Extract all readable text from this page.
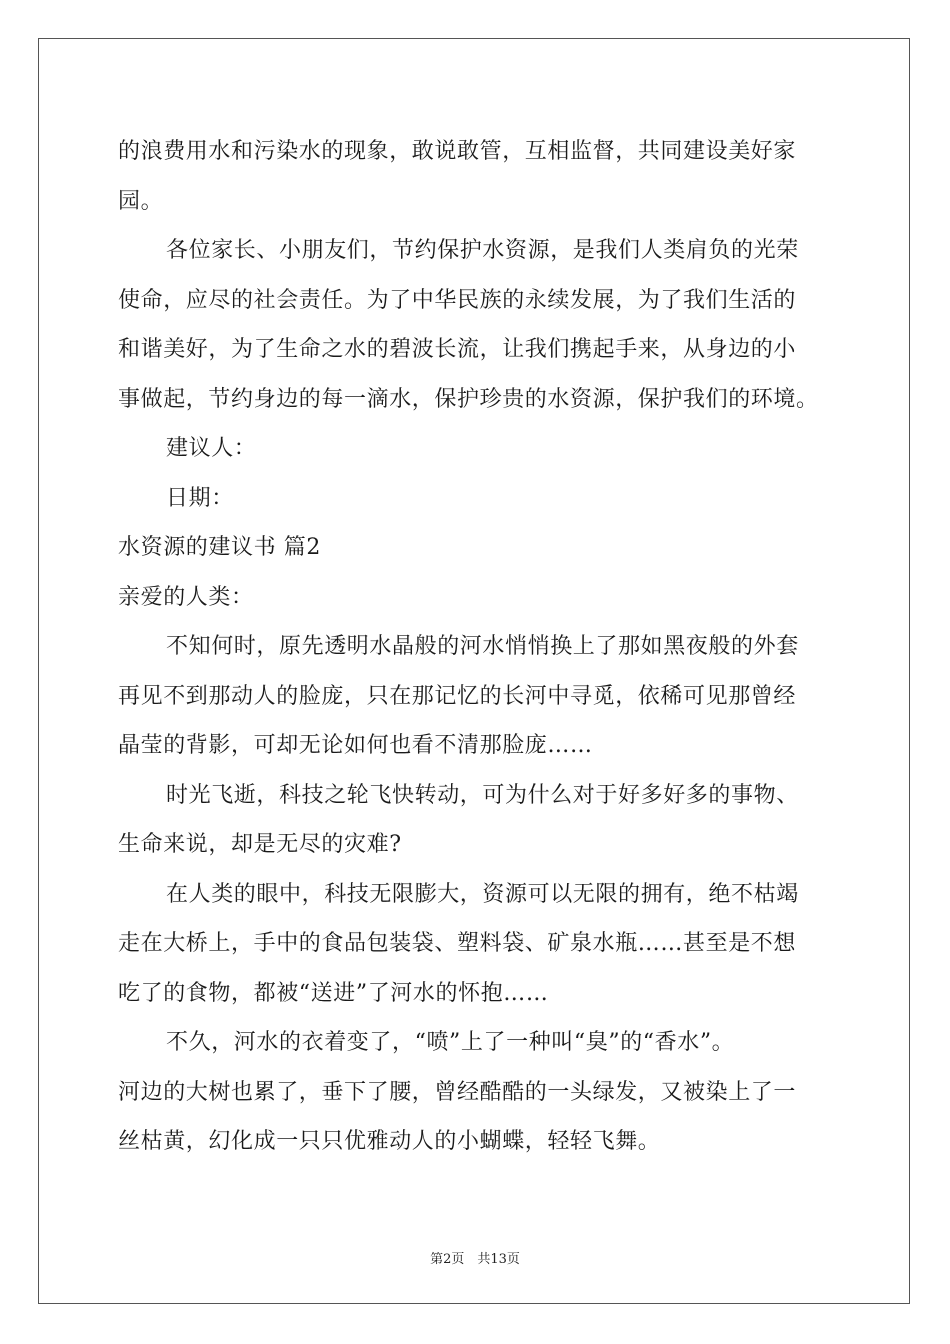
的浪费用水和污染水的现象，敢说敢管，互相监督，共同建设美好家
园。
各位家长、小朋友们，节约保护水资源，是我们人类肩负的光荣
使命，应尽的社会责任。为了中华民族的永续发展，为了我们生活的
和谐美好，为了生命之水的碧波长流，让我们携起手来，从身边的小
事做起，节约身边的每一滴水，保护珍贵的水资源，保护我们的环境。
建议人：
日期：
水资源的建议书 篇2
亲爱的人类：
不知何时，原先透明水晶般的河水悄悄换上了那如黑夜般的外套
再见不到那动人的脸庞，只在那记忆的长河中寻觅，依稀可见那曾经
晶莹的背影，可却无论如何也看不清那脸庞……
时光飞逝，科技之轮飞快转动，可为什么对于好多好多的事物、
生命来说，却是无尽的灾难?
在人类的眼中，科技无限膨大，资源可以无限的拥有，绝不枯竭
走在大桥上，手中的食品包装袋、塑料袋、矿泉水瓶……甚至是不想
吃了的食物，都被“送进”了河水的怀抱……
不久，河水的衣着变了，“喷”上了一种叫“臭”的“香水”。
河边的大树也累了，垂下了腰，曾经酷酷的一头绿发，又被染上了一
丝枯黄，幻化成一只只优雅动人的小蝴蝶，轻轻飞舞。
第2页　共13页
